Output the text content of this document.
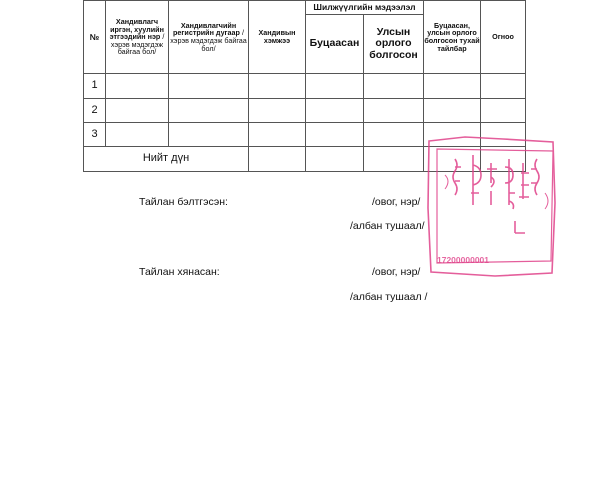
№	Хандивлагч иргэн, хуулийн этгээдийн нэр /хэрэв мэдэгдэж байгаа бол/	Хандивлагчийн регистрийн дугаар /хэрэв мэдэгдэж байгаа бол/	Хандивын хэмжээ	Шилжүүлгийн мэдээлэл		Буцаасан, улсын орлого болгосон тухай тайлбар	Огноо
				Буцаасан	Улсын орлого болгосон		
1							
2							
3							
Нийт дүн							
Тайлан бэлтгэсэн:	/овог, нэр/
/албан тушаал/
Тайлан хянасан:	/овог, нэр/
/албан тушаал /
17200000001
